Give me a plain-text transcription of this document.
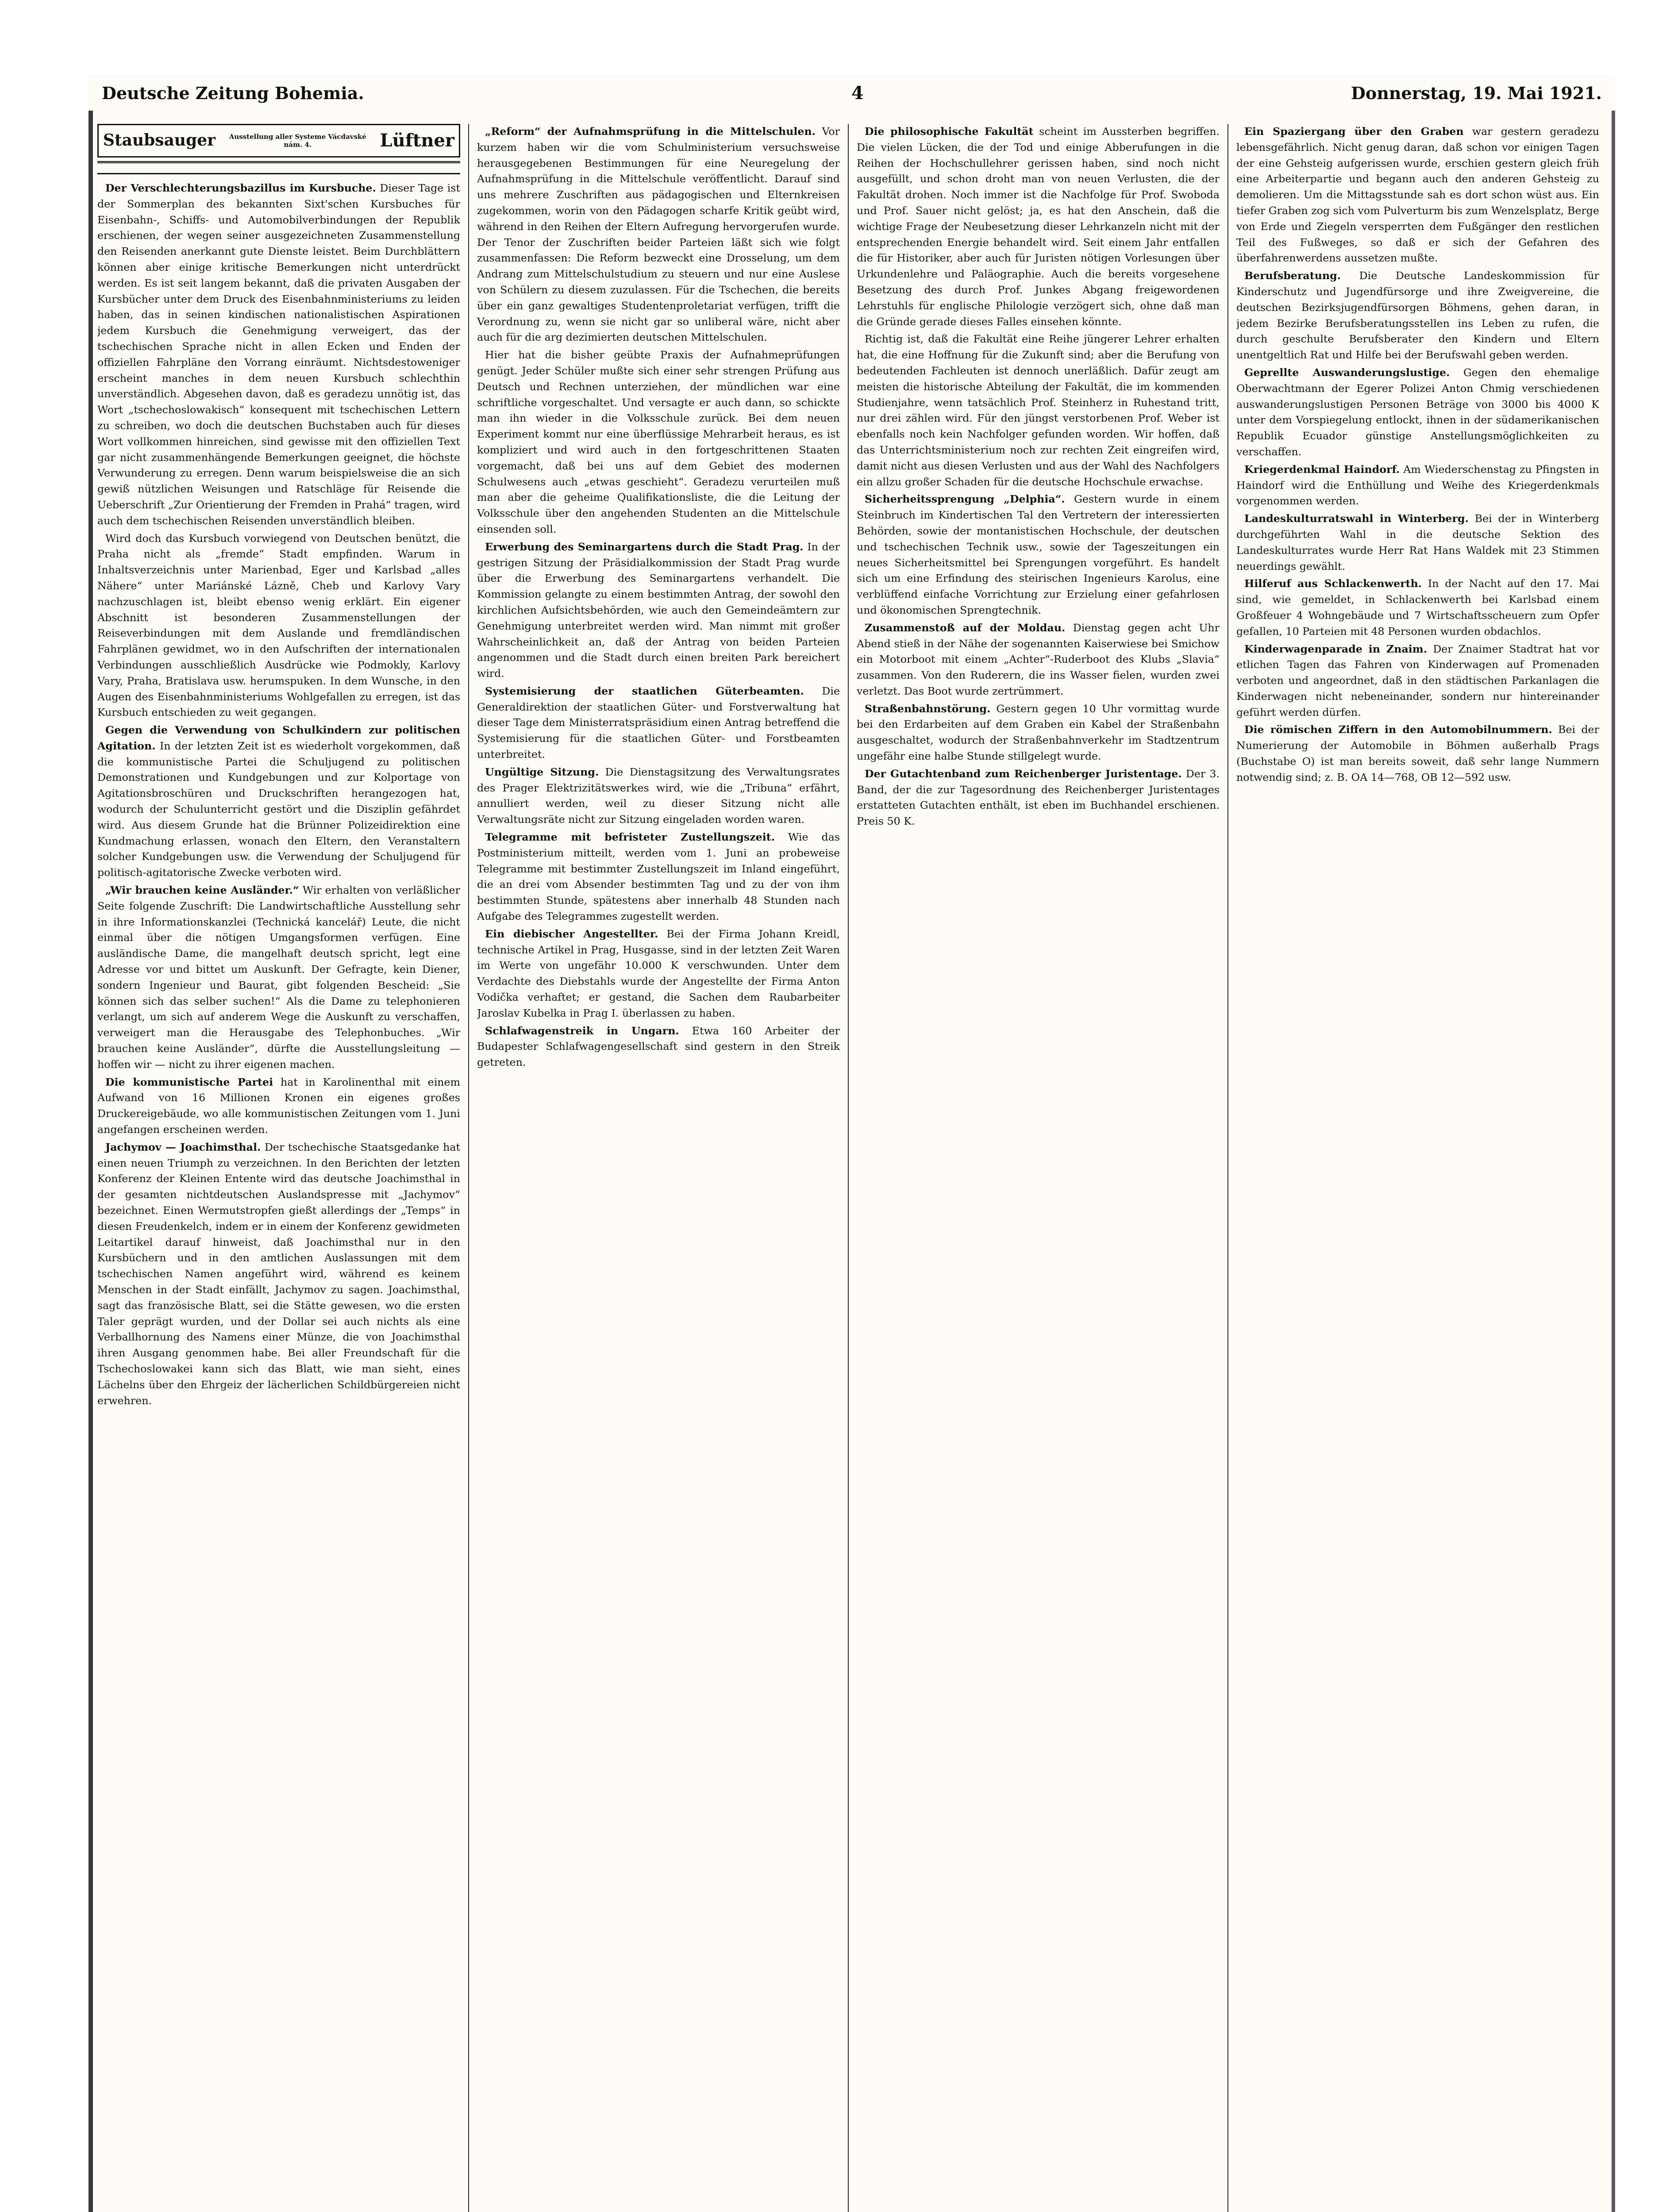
Deutsche Zeitung Bohemia.	4	Donnerstag, 19. Mai 1921.
Staubsauger	Ausstellung aller Systeme Vácdavské nám. 4.	Lüftner

Der Verschlechterungsbazillus im Kursbuche. Dieser Tage ist der Sommerplan des bekannten Sixt'schen Kursbuches für Eisenbahn-, Schiffs- und Automobilverbindungen der Republik erschienen, der wegen seiner ausgezeichneten Zusammenstellung den Reisenden anerkannt gute Dienste leistet. Beim Durchblättern können aber einige kritische Bemerkungen nicht unterdrückt werden. Es ist seit langem bekannt, daß die privaten Ausgaben der Kursbücher unter dem Druck des Eisenbahnministeriums zu leiden haben, das in seinen kindischen nationalistischen Aspirationen jedem Kursbuch die Genehmigung verweigert, das der tschechischen Sprache nicht in allen Ecken und Enden der offiziellen Fahrpläne den Vorrang einräumt. Nichtsdestoweniger erscheint manches in dem neuen Kursbuch schlechthin unverständlich. Abgesehen davon, daß es geradezu unnötig ist, das Wort „tschechoslowakisch“ konsequent mit tschechischen Lettern zu schreiben, wo doch die deutschen Buchstaben auch für dieses Wort vollkommen hinreichen, sind gewisse mit den offiziellen Text gar nicht zusammenhängende Bemerkungen geeignet, die höchste Verwunderung zu erregen. Denn warum beispielsweise die an sich gewiß nützlichen Weisungen und Ratschläge für Reisende die Ueberschrift „Zur Orientierung der Fremden in Prahá“ tragen, wird auch dem tschechischen Reisenden unverständlich bleiben.

Wird doch das Kursbuch vorwiegend von Deutschen benützt, die Praha nicht als „fremde“ Stadt empfinden. Warum in Inhaltsverzeichnis unter Marienbad, Eger und Karlsbad „alles Nähere“ unter Mariánské Lázně, Cheb und Karlovy Vary nachzuschlagen ist, bleibt ebenso wenig erklärt. Ein eigener Abschnitt ist besonderen Zusammenstellungen der Reiseverbindungen mit dem Auslande und fremdländischen Fahrplänen gewidmet, wo in den Aufschriften der internationalen Verbindungen ausschließlich Ausdrücke wie Podmokly, Karlovy Vary, Praha, Bratislava usw. herumspuken. In dem Wunsche, in den Augen des Eisenbahnministeriums Wohlgefallen zu erregen, ist das Kursbuch entschieden zu weit gegangen.

Gegen die Verwendung von Schulkindern zur politischen Agitation. In der letzten Zeit ist es wiederholt vorgekommen, daß die kommunistische Partei die Schuljugend zu politischen Demonstrationen und Kundgebungen und zur Kolportage von Agitationsbroschüren und Druckschriften herangezogen hat, wodurch der Schulunterricht gestört und die Disziplin gefährdet wird. Aus diesem Grunde hat die Brünner Polizeidirektion eine Kundmachung erlassen, wonach den Eltern, den Veranstaltern solcher Kundgebungen usw. die Verwendung der Schuljugend für politisch-agitatorische Zwecke verboten wird.

„Wir brauchen keine Ausländer.“ Wir erhalten von verläßlicher Seite folgende Zuschrift: Die Landwirtschaftliche Ausstellung sehr in ihre Informationskanzlei (Technická kancelář) Leute, die nicht einmal über die nötigen Umgangsformen verfügen. Eine ausländische Dame, die mangelhaft deutsch spricht, legt eine Adresse vor und bittet um Auskunft. Der Gefragte, kein Diener, sondern Ingenieur und Baurat, gibt folgenden Bescheid: „Sie können sich das selber suchen!“ Als die Dame zu telephonieren verlangt, um sich auf anderem Wege die Auskunft zu verschaffen, verweigert man die Herausgabe des Telephonbuches. „Wir brauchen keine Ausländer“, dürfte die Ausstellungsleitung — hoffen wir — nicht zu ihrer eigenen machen.

Die kommunistische Partei hat in Karolinenthal mit einem Aufwand von 16 Millionen Kronen ein eigenes großes Druckereigebäude, wo alle kommunistischen Zeitungen vom 1. Juni angefangen erscheinen werden.

Jachymov — Joachimsthal. Der tschechische Staatsgedanke hat einen neuen Triumph zu verzeichnen. In den Berichten der letzten Konferenz der Kleinen Entente wird das deutsche Joachimsthal in der gesamten nichtdeutschen Auslandspresse mit „Jachymov“ bezeichnet. Einen Wermutstropfen gießt allerdings der „Temps“ in diesen Freudenkelch, indem er in einem der Konferenz gewidmeten Leitartikel darauf hinweist, daß Joachimsthal nur in den Kursbüchern und in den amtlichen Auslassungen mit dem tschechischen Namen angeführt wird, während es keinem Menschen in der Stadt einfällt, Jachymov zu sagen. Joachimsthal, sagt das französische Blatt, sei die Stätte gewesen, wo die ersten Taler geprägt wurden, und der Dollar sei auch nichts als eine Verballhornung des Namens einer Münze, die von Joachimsthal ihren Ausgang genommen habe. Bei aller Freundschaft für die Tschechoslowakei kann sich das Blatt, wie man sieht, eines Lächelns über den Ehrgeiz der lächerlichen Schildbürgereien nicht erwehren.

„Reform“ der Aufnahmsprüfung in die Mittelschulen. Vor kurzem haben wir die vom Schulministerium versuchsweise herausgegebenen Bestimmungen für eine Neuregelung der Aufnahmsprüfung in die Mittelschule veröffentlicht. Darauf sind uns mehrere Zuschriften aus pädagogischen und Elternkreisen zugekommen, worin von den Pädagogen scharfe Kritik geübt wird, während in den Reihen der Eltern Aufregung hervorgerufen wurde. Der Tenor der Zuschriften beider Parteien läßt sich wie folgt zusammenfassen: Die Reform bezweckt eine Drosselung, um dem Andrang zum Mittelschulstudium zu steuern und nur eine Auslese von Schülern zu diesem zuzulassen. Für die Tschechen, die bereits über ein ganz gewaltiges Studentenproletariat verfügen, trifft die Verordnung zu, wenn sie nicht gar so unliberal wäre, nicht aber auch für die arg dezimierten deutschen Mittelschulen.

Hier hat die bisher geübte Praxis der Aufnahmeprüfungen genügt. Jeder Schüler mußte sich einer sehr strengen Prüfung aus Deutsch und Rechnen unterziehen, der mündlichen war eine schriftliche vorgeschaltet. Und versagte er auch dann, so schickte man ihn wieder in die Volksschule zurück. Bei dem neuen Experiment kommt nur eine überflüssige Mehrarbeit heraus, es ist kompliziert und wird auch in den fortgeschrittenen Staaten vorgemacht, daß bei uns auf dem Gebiet des modernen Schulwesens auch „etwas geschieht“. Geradezu verurteilen muß man aber die geheime Qualifikationsliste, die die Leitung der Volksschule über den angehenden Studenten an die Mittelschule einsenden soll.

Erwerbung des Seminargartens durch die Stadt Prag. In der gestrigen Sitzung der Präsidialkommission der Stadt Prag wurde über die Erwerbung des Seminargartens verhandelt. Die Kommission gelangte zu einem bestimmten Antrag, der sowohl den kirchlichen Aufsichtsbehörden, wie auch den Gemeindeämtern zur Genehmigung unterbreitet werden wird. Man nimmt mit großer Wahrscheinlichkeit an, daß der Antrag von beiden Parteien angenommen und die Stadt durch einen breiten Park bereichert wird.

Systemisierung der staatlichen Güterbeamten. Die Generaldirektion der staatlichen Güter- und Forstverwaltung hat dieser Tage dem Ministerratspräsidium einen Antrag betreffend die Systemisierung für die staatlichen Güter- und Forstbeamten unterbreitet.

Ungültige Sitzung. Die Dienstagsitzung des Verwaltungsrates des Prager Elektrizitätswerkes wird, wie die „Tribuna“ erfährt, annulliert werden, weil zu dieser Sitzung nicht alle Verwaltungsräte nicht zur Sitzung eingeladen worden waren.

Telegramme mit befristeter Zustellungszeit. Wie das Postministerium mitteilt, werden vom 1. Juni an probeweise Telegramme mit bestimmter Zustellungszeit im Inland eingeführt, die an drei vom Absender bestimmten Tag und zu der von ihm bestimmten Stunde, spätestens aber innerhalb 48 Stunden nach Aufgabe des Telegrammes zugestellt werden.

Ein diebischer Angestellter. Bei der Firma Johann Kreidl, technische Artikel in Prag, Husgasse, sind in der letzten Zeit Waren im Werte von ungefähr 10.000 K verschwunden. Unter dem Verdachte des Diebstahls wurde der Angestellte der Firma Anton Vodička verhaftet; er gestand, die Sachen dem Raubarbeiter Jaroslav Kubelka in Prag I. überlassen zu haben.

Schlafwagenstreik in Ungarn. Etwa 160 Arbeiter der Budapester Schlafwagengesellschaft sind gestern in den Streik getreten.

Die philosophische Fakultät scheint im Aussterben begriffen. Die vielen Lücken, die der Tod und einige Abberufungen in die Reihen der Hochschullehrer gerissen haben, sind noch nicht ausgefüllt, und schon droht man von neuen Verlusten, die der Fakultät drohen. Noch immer ist die Nachfolge für Prof. Swoboda und Prof. Sauer nicht gelöst; ja, es hat den Anschein, daß die wichtige Frage der Neubesetzung dieser Lehrkanzeln nicht mit der entsprechenden Energie behandelt wird. Seit einem Jahr entfallen die für Historiker, aber auch für Juristen nötigen Vorlesungen über Urkundenlehre und Paläographie. Auch die bereits vorgesehene Besetzung des durch Prof. Junkes Abgang freigewordenen Lehrstuhls für englische Philologie verzögert sich, ohne daß man die Gründe gerade dieses Falles einsehen könnte.

Richtig ist, daß die Fakultät eine Reihe jüngerer Lehrer erhalten hat, die eine Hoffnung für die Zukunft sind; aber die Berufung von bedeutenden Fachleuten ist dennoch unerläßlich. Dafür zeugt am meisten die historische Abteilung der Fakultät, die im kommenden Studienjahre, wenn tatsächlich Prof. Steinherz in Ruhestand tritt, nur drei zählen wird. Für den jüngst verstorbenen Prof. Weber ist ebenfalls noch kein Nachfolger gefunden worden. Wir hoffen, daß das Unterrichtsministerium noch zur rechten Zeit eingreifen wird, damit nicht aus diesen Verlusten und aus der Wahl des Nachfolgers ein allzu großer Schaden für die deutsche Hochschule erwachse.

Sicherheitssprengung „Delphia“. Gestern wurde in einem Steinbruch im Kindertischen Tal den Vertretern der interessierten Behörden, sowie der montanistischen Hochschule, der deutschen und tschechischen Technik usw., sowie der Tageszeitungen ein neues Sicherheitsmittel bei Sprengungen vorgeführt. Es handelt sich um eine Erfindung des steirischen Ingenieurs Karolus, eine verblüffend einfache Vorrichtung zur Erzielung einer gefahrlosen und ökonomischen Sprengtechnik.

Zusammenstoß auf der Moldau. Dienstag gegen acht Uhr Abend stieß in der Nähe der sogenannten Kaiserwiese bei Smichow ein Motorboot mit einem „Achter“-Ruderboot des Klubs „Slavia“ zusammen. Von den Ruderern, die ins Wasser fielen, wurden zwei verletzt. Das Boot wurde zertrümmert.

Straßenbahnstörung. Gestern gegen 10 Uhr vormittag wurde bei den Erdarbeiten auf dem Graben ein Kabel der Straßenbahn ausgeschaltet, wodurch der Straßenbahnverkehr im Stadtzentrum ungefähr eine halbe Stunde stillgelegt wurde.

Der Gutachtenband zum Reichenberger Juristentage. Der 3. Band, der die zur Tagesordnung des Reichenberger Juristentages erstatteten Gutachten enthält, ist eben im Buchhandel erschienen. Preis 50 K.

Ein Spaziergang über den Graben war gestern geradezu lebensgefährlich. Nicht genug daran, daß schon vor einigen Tagen der eine Gehsteig aufgerissen wurde, erschien gestern gleich früh eine Arbeiterpartie und begann auch den anderen Gehsteig zu demolieren. Um die Mittagsstunde sah es dort schon wüst aus. Ein tiefer Graben zog sich vom Pulverturm bis zum Wenzelsplatz, Berge von Erde und Ziegeln versperrten dem Fußgänger den restlichen Teil des Fußweges, so daß er sich der Gefahren des überfahrenwerdens aussetzen mußte.

Berufsberatung. Die Deutsche Landeskommission für Kinderschutz und Jugendfürsorge und ihre Zweigvereine, die deutschen Bezirksjugendfürsorgen Böhmens, gehen daran, in jedem Bezirke Berufsberatungsstellen ins Leben zu rufen, die durch geschulte Berufsberater den Kindern und Eltern unentgeltlich Rat und Hilfe bei der Berufswahl geben werden.

Geprellte Auswanderungslustige. Gegen den ehemalige Oberwachtmann der Egerer Polizei Anton Chmig verschiedenen auswanderungslustigen Personen Beträge von 3000 bis 4000 K unter dem Vorspiegelung entlockt, ihnen in der südamerikanischen Republik Ecuador günstige Anstellungsmöglichkeiten zu verschaffen.

Kriegerdenkmal Haindorf. Am Wiederschenstag zu Pfingsten in Haindorf wird die Enthüllung und Weihe des Kriegerdenkmals vorgenommen werden.

Landeskulturratswahl in Winterberg. Bei der in Winterberg durchgeführten Wahl in die deutsche Sektion des Landeskulturrates wurde Herr Rat Hans Waldek mit 23 Stimmen neuerdings gewählt.

Hilferuf aus Schlackenwerth. In der Nacht auf den 17. Mai sind, wie gemeldet, in Schlackenwerth bei Karlsbad einem Großfeuer 4 Wohngebäude und 7 Wirtschaftsscheuern zum Opfer gefallen, 10 Parteien mit 48 Personen wurden obdachlos.

Kinderwagenparade in Znaim. Der Znaimer Stadtrat hat vor etlichen Tagen das Fahren von Kinderwagen auf Promenaden verboten und angeordnet, daß in den städtischen Parkanlagen die Kinderwagen nicht nebeneinander, sondern nur hintereinander geführt werden dürfen.

Die römischen Ziffern in den Automobilnummern. Bei der Numerierung der Automobile in Böhmen außerhalb Prags (Buchstabe O) ist man bereits soweit, daß sehr lange Nummern notwendig sind; z. B. OA 14—768, OB 12—592 usw.
